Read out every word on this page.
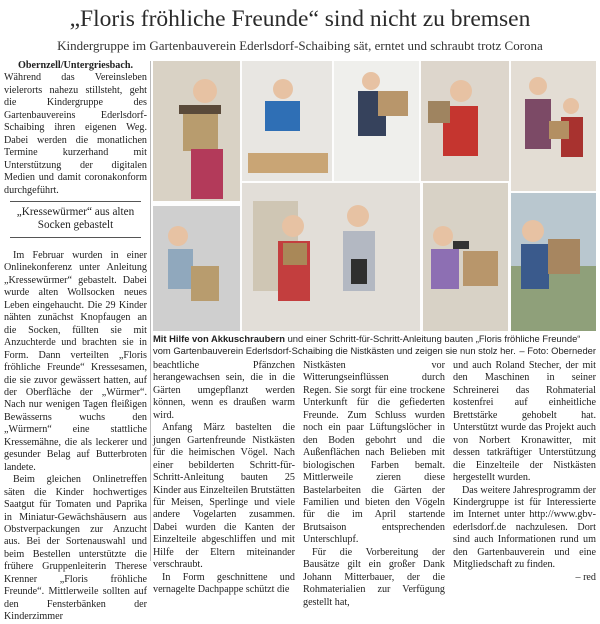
„Floris fröhliche Freunde“ sind nicht zu bremsen
Kindergruppe im Gartenbauverein Ederlsdorf-Schaibing sät, erntet und schraubt trotz Corona

Obernzell/Untergriesbach.

Während das Vereinsleben vielerorts nahezu stillsteht, geht die Kindergruppe des Gartenbauvereins Ederlsdorf-Schaibing ihren eigenen Weg. Dabei werden die monatlichen Termine kurzerhand mit Unterstützung der digitalen Medien und damit coronakonform durchgeführt.

„Kressewürmer“ aus alten Socken gebastelt

Im Februar wurden in einer Onlinekonferenz unter Anleitung „Kressewürmer“ gebastelt. Dabei wurde alten Wollsocken neues Leben eingehaucht. Die 29 Kinder nähten zunächst Knopfaugen an die Socken, füllten sie mit Anzuchterde und brachten sie in Form. Dann verteilten „Floris fröhliche Freunde“ Kressesamen, die sie zuvor gewässert hatten, auf der Oberfläche der „Würmer“. Nach nur wenigen Tagen fleißigen Bewässerns wuchs den „Würmern“ eine stattliche Kressemähne, die als leckerer und gesunder Belag auf Butterbroten landete.

Beim gleichen Onlinetreffen säten die Kinder hochwertiges Saatgut für Tomaten und Paprika in Miniatur-Gewächshäusern aus Obstverpackungen zur Anzucht aus. Bei der Sortenauswahl und beim Bestellen unterstützte die frühere Gruppenleiterin Therese Krenner „Floris fröhliche Freunde“. Mittlerweile sollten auf den Fensterbänken der Kinderzimmer

Mit Hilfe von Akkuschraubern und einer Schritt-für-Schritt-Anleitung bauten „Floris fröhliche Freunde“ vom Gartenbauverein Ederlsdorf-Schaibing die Nistkästen und zeigen sie nun stolz her. – Foto: Oberneder

beachtliche Pfänzchen herangewachsen sein, die in die Gärten umgepflanzt werden können, wenn es draußen warm wird.

Anfang März bastelten die jungen Gartenfreunde Nistkästen für die heimischen Vögel. Nach einer bebilderten Schritt-für-Schritt-Anleitung bauten 25 Kinder aus Einzelteilen Brutstätten für Meisen, Sperlinge und viele andere Vogelarten zusammen. Dabei wurden die Kanten der Einzelteile abgeschliffen und mit Hilfe der Eltern miteinander verschraubt.

In Form geschnittene und vernagelte Dachpappe schützt die

Nistkästen vor Witterungseinflüssen durch Regen. Sie sorgt für eine trockene Unterkunft für die gefiederten Freunde. Zum Schluss wurden noch ein paar Lüftungslöcher in den Boden gebohrt und die Außenflächen nach Belieben mit biologischen Farben bemalt. Mittlerweile zieren diese Bastelarbeiten die Gärten der Familien und bieten den Vögeln für die im April startende Brutsaison entsprechenden Unterschlupf.

Für die Vorbereitung der Bausätze gilt ein großer Dank Johann Mitterbauer, der die Rohmaterialien zur Verfügung gestellt hat,

und auch Roland Stecher, der mit den Maschinen in seiner Schreinerei das Rohmaterial kostenfrei auf einheitliche Brettstärke gehobelt hat. Unterstützt wurde das Projekt auch von Norbert Kronawitter, mit dessen tatkräftiger Unterstützung die Einzelteile der Nistkästen hergestellt wurden.

Das weitere Jahresprogramm der Kindergruppe ist für Interessierte im Internet unter http://www.gbv-ederlsdorf.de nachzulesen. Dort sind auch Informationen rund um den Gartenbauverein und eine Mitgliedschaft zu finden.

– red
